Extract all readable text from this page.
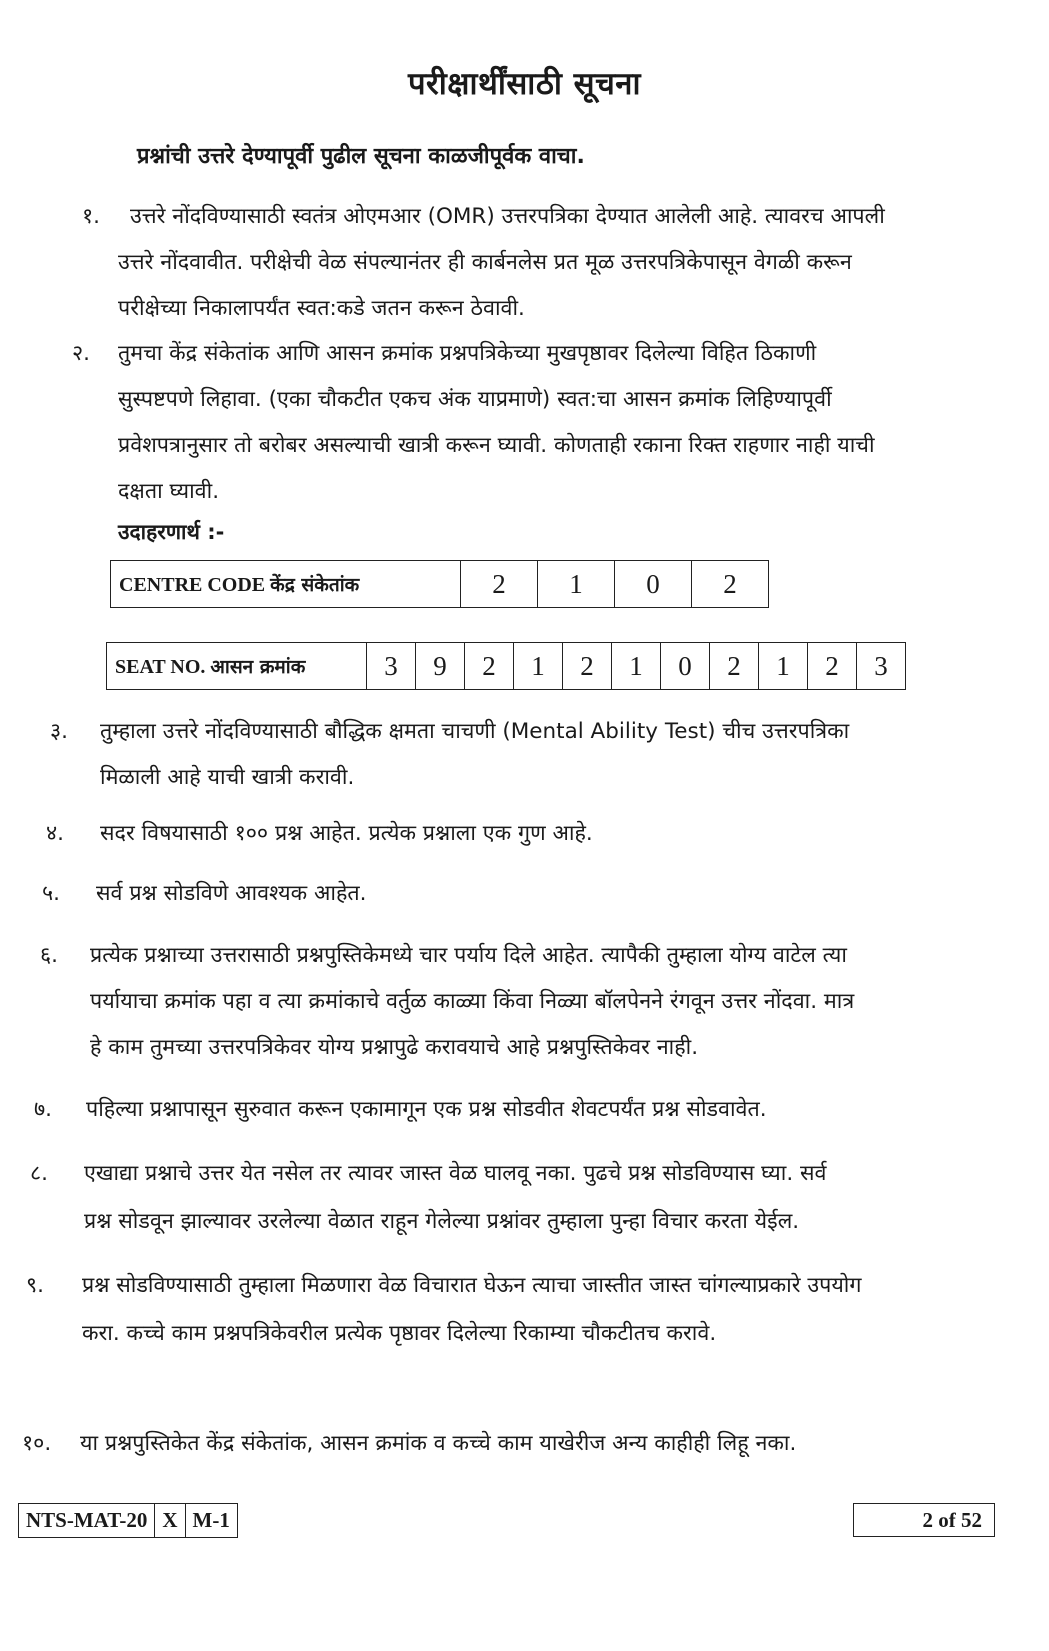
परीक्षार्थींसाठी सूचना
प्रश्नांची उत्तरे देण्यापूर्वी पुढील सूचना काळजीपूर्वक वाचा.
१. उत्तरे नोंदविण्यासाठी स्वतंत्र ओएमआर (OMR) उत्तरपत्रिका देण्यात आलेली आहे. त्यावरच आपली
उत्तरे नोंदवावीत. परीक्षेची वेळ संपल्यानंतर ही कार्बनलेस प्रत मूळ उत्तरपत्रिकेपासून वेगळी करून
परीक्षेच्या निकालापर्यंत स्वत:कडे जतन करून ठेवावी.
२. तुमचा केंद्र संकेतांक आणि आसन क्रमांक प्रश्नपत्रिकेच्या मुखपृष्ठावर दिलेल्या विहित ठिकाणी
सुस्पष्टपणे लिहावा. (एका चौकटीत एकच अंक याप्रमाणे) स्वत:चा आसन क्रमांक लिहिण्यापूर्वी
प्रवेशपत्रानुसार तो बरोबर असल्याची खात्री करून घ्यावी. कोणताही रकाना रिक्त राहणार नाही याची
दक्षता घ्यावी.
उदाहरणार्थ :-
CENTRE CODE केंद्र संकेतांक	2	1	0	2
SEAT NO. आसन क्रमांक	3	9	2	1	2	1	0	2	1	2	3
३. तुम्हाला उत्तरे नोंदविण्यासाठी बौद्धिक क्षमता चाचणी (Mental Ability Test) चीच उत्तरपत्रिका
मिळाली आहे याची खात्री करावी.
४. सदर विषयासाठी १०० प्रश्न आहेत. प्रत्येक प्रश्नाला एक गुण आहे.
५. सर्व प्रश्न सोडविणे आवश्यक आहेत.
६. प्रत्येक प्रश्नाच्या उत्तरासाठी प्रश्नपुस्तिकेमध्ये चार पर्याय दिले आहेत. त्यापैकी तुम्हाला योग्य वाटेल त्या
पर्यायाचा क्रमांक पहा व त्या क्रमांकाचे वर्तुळ काळ्या किंवा निळ्या बॉलपेनने रंगवून उत्तर नोंदवा. मात्र
हे काम तुमच्या उत्तरपत्रिकेवर योग्य प्रश्नापुढे करावयाचे आहे प्रश्नपुस्तिकेवर नाही.
७. पहिल्या प्रश्नापासून सुरुवात करून एकामागून एक प्रश्न सोडवीत शेवटपर्यंत प्रश्न सोडवावेत.
८. एखाद्या प्रश्नाचे उत्तर येत नसेल तर त्यावर जास्त वेळ घालवू नका. पुढचे प्रश्न सोडविण्यास घ्या. सर्व
प्रश्न सोडवून झाल्यावर उरलेल्या वेळात राहून गेलेल्या प्रश्नांवर तुम्हाला पुन्हा विचार करता येईल.
९. प्रश्न सोडविण्यासाठी तुम्हाला मिळणारा वेळ विचारात घेऊन त्याचा जास्तीत जास्त चांगल्याप्रकारे उपयोग
करा. कच्चे काम प्रश्नपत्रिकेवरील प्रत्येक पृष्ठावर दिलेल्या रिकाम्या चौकटीतच करावे.
१०. या प्रश्नपुस्तिकेत केंद्र संकेतांक, आसन क्रमांक व कच्चे काम याखेरीज अन्य काहीही लिहू नका.
NTS-MAT-20 X M-1	2 of 52
